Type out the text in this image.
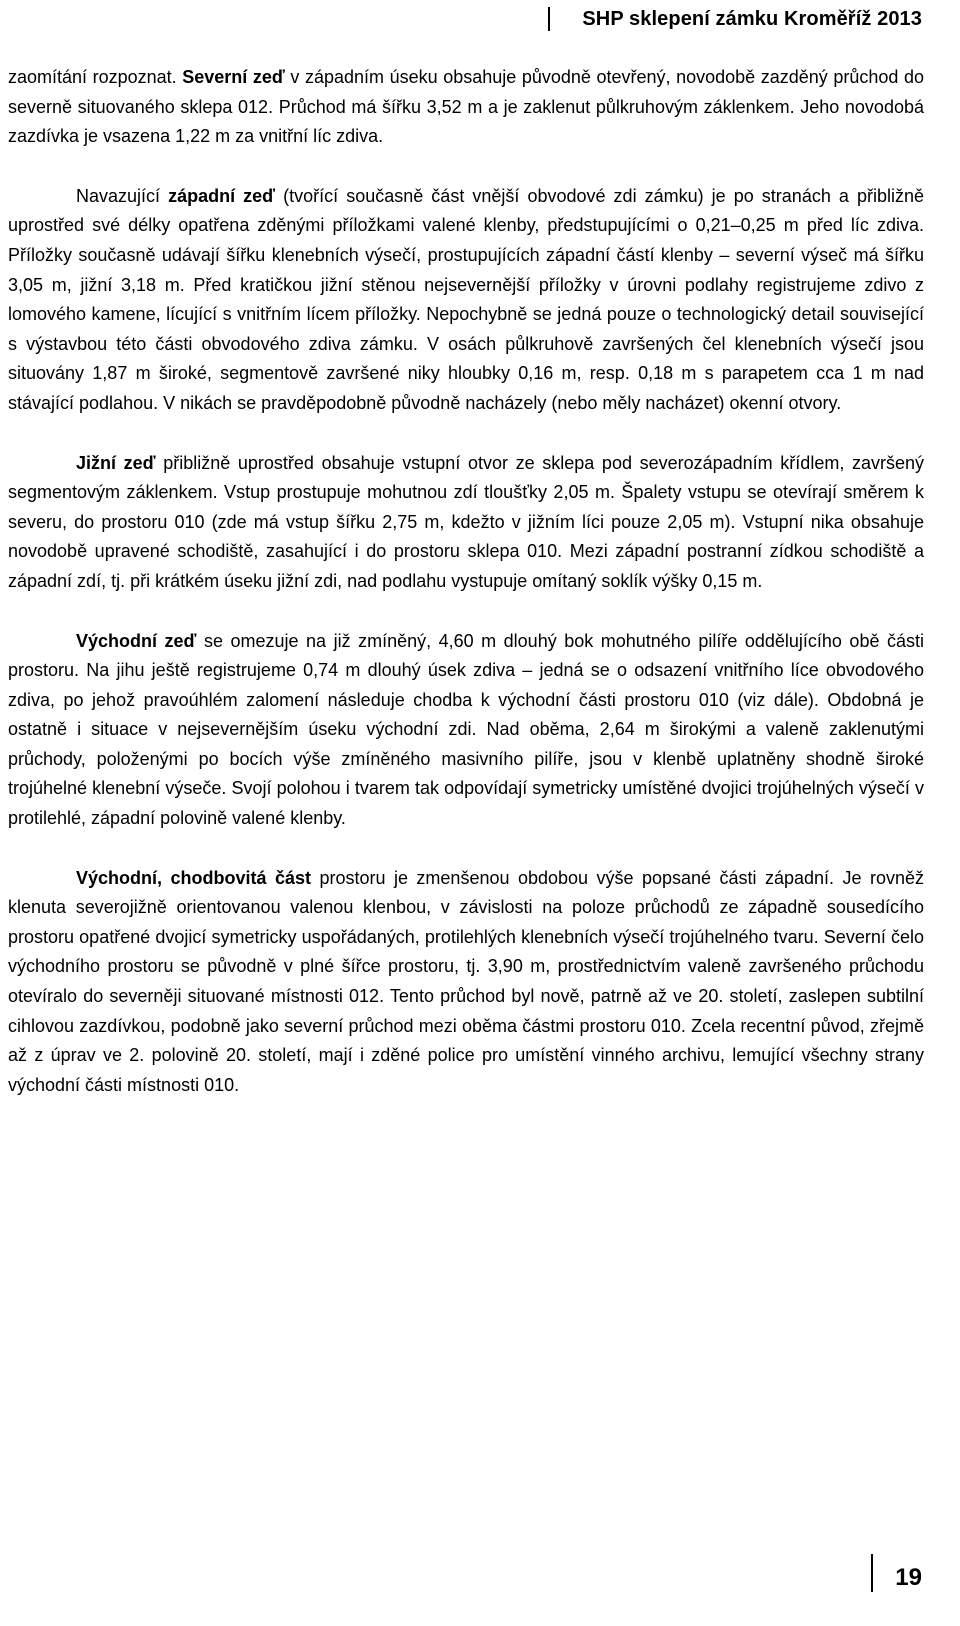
SHP sklepení zámku Kroměříž 2013

zaomítání rozpoznat. Severní zeď v západním úseku obsahuje původně otevřený, novodobě zazděný průchod do severně situovaného sklepa 012. Průchod má šířku 3,52 m a je zaklenut půlkruhovým záklenkem. Jeho novodobá zazdívka je vsazena 1,22 m za vnitřní líc zdiva.

Navazující západní zeď (tvořící současně část vnější obvodové zdi zámku) je po stranách a přibližně uprostřed své délky opatřena zděnými příložkami valené klenby, předstupujícími o 0,21–0,25 m před líc zdiva. Příložky současně udávají šířku klenebních výsečí, prostupujících západní částí klenby – severní výseč má šířku 3,05 m, jižní 3,18 m. Před kratičkou jižní stěnou nejsevernější příložky v úrovni podlahy registrujeme zdivo z lomového kamene, lícující s vnitřním lícem příložky. Nepochybně se jedná pouze o technologický detail související s výstavbou této části obvodového zdiva zámku. V osách půlkruhově završených čel klenebních výsečí jsou situovány 1,87 m široké, segmentově završené niky hloubky 0,16 m, resp. 0,18 m s parapetem cca 1 m nad stávající podlahou. V nikách se pravděpodobně původně nacházely (nebo měly nacházet) okenní otvory.

Jižní zeď přibližně uprostřed obsahuje vstupní otvor ze sklepa pod severozápadním křídlem, završený segmentovým záklenkem. Vstup prostupuje mohutnou zdí tloušťky 2,05 m. Špalety vstupu se otevírají směrem k severu, do prostoru 010 (zde má vstup šířku 2,75 m, kdežto v jižním líci pouze 2,05 m). Vstupní nika obsahuje novodobě upravené schodiště, zasahující i do prostoru sklepa 010. Mezi západní postranní zídkou schodiště a západní zdí, tj. při krátkém úseku jižní zdi, nad podlahu vystupuje omítaný soklík výšky 0,15 m.

Východní zeď se omezuje na již zmíněný, 4,60 m dlouhý bok mohutného pilíře oddělujícího obě části prostoru. Na jihu ještě registrujeme 0,74 m dlouhý úsek zdiva – jedná se o odsazení vnitřního líce obvodového zdiva, po jehož pravoúhlém zalomení následuje chodba k východní části prostoru 010 (viz dále). Obdobná je ostatně i situace v nejsevernějším úseku východní zdi. Nad oběma, 2,64 m širokými a valeně zaklenutými průchody, položenými po bocích výše zmíněného masivního pilíře, jsou v klenbě uplatněny shodně široké trojúhelné klenební výseče. Svojí polohou i tvarem tak odpovídají symetricky umístěné dvojici trojúhelných výsečí v protilehlé, západní polovině valené klenby.

Východní, chodbovitá část prostoru je zmenšenou obdobou výše popsané části západní. Je rovněž klenuta severojižně orientovanou valenou klenbou, v závislosti na poloze průchodů ze západně sousedícího prostoru opatřené dvojicí symetricky uspořádaných, protilehlých klenebních výsečí trojúhelného tvaru. Severní čelo východního prostoru se původně v plné šířce prostoru, tj. 3,90 m, prostřednictvím valeně završeného průchodu otevíralo do severněji situované místnosti 012. Tento průchod byl nově, patrně až ve 20. století, zaslepen subtilní cihlovou zazdívkou, podobně jako severní průchod mezi oběma částmi prostoru 010. Zcela recentní původ, zřejmě až z úprav ve 2. polovině 20. století, mají i zděné police pro umístění vinného archivu, lemující všechny strany východní části místnosti 010.

19
